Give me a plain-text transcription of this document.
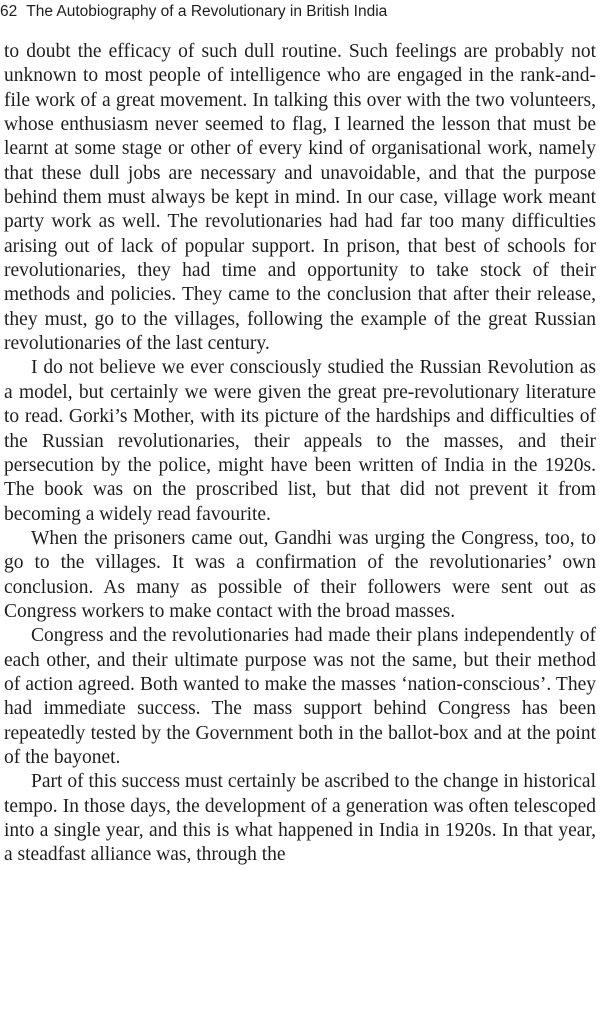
62 The Autobiography of a Revolutionary in British India

to doubt the efficacy of such dull routine. Such feelings are probably not unknown to most people of intelligence who are engaged in the rank-and-file work of a great movement. In talking this over with the two volunteers, whose enthusiasm never seemed to flag, I learned the lesson that must be learnt at some stage or other of every kind of organisational work, namely that these dull jobs are necessary and unavoidable, and that the purpose behind them must always be kept in mind. In our case, village work meant party work as well. The revolutionaries had had far too many difficulties arising out of lack of popular support. In prison, that best of schools for revolutionaries, they had time and opportunity to take stock of their methods and policies. They came to the conclusion that after their release, they must, go to the villages, following the example of the great Russian revolutionaries of the last century.

I do not believe we ever consciously studied the Russian Revolution as a model, but certainly we were given the great pre-revolutionary literature to read. Gorki’s Mother, with its picture of the hardships and difficulties of the Russian revolutionaries, their appeals to the masses, and their persecution by the police, might have been written of India in the 1920s. The book was on the proscribed list, but that did not prevent it from becoming a widely read favourite.

When the prisoners came out, Gandhi was urging the Congress, too, to go to the villages. It was a confirmation of the revolutionaries’ own conclusion. As many as possible of their followers were sent out as Congress workers to make contact with the broad masses.

Congress and the revolutionaries had made their plans independently of each other, and their ultimate purpose was not the same, but their method of action agreed. Both wanted to make the masses ‘nation-conscious’. They had immediate success. The mass support behind Congress has been repeatedly tested by the Government both in the ballot-box and at the point of the bayonet.

Part of this success must certainly be ascribed to the change in historical tempo. In those days, the development of a generation was often telescoped into a single year, and this is what happened in India in 1920s. In that year, a steadfast alliance was, through the
